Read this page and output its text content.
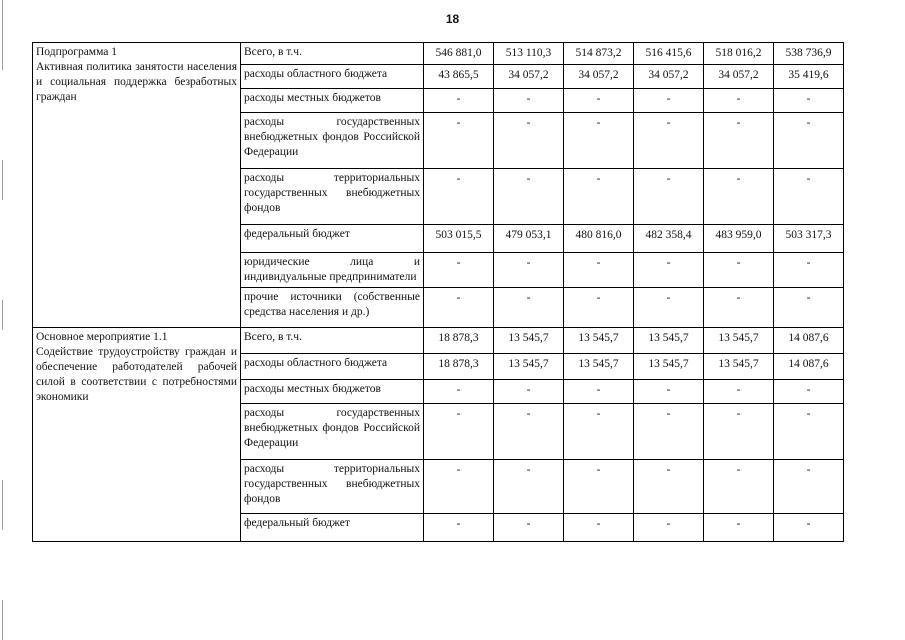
18
Подпрограмма 1
Активная политика занятости населения и социальная поддержка безработных граждан	Всего, в т.ч.	546 881,0	513 110,3	514 873,2	516 415,6	518 016,2	538 736,9
	расходы областного бюджета	43 865,5	34 057,2	34 057,2	34 057,2	34 057,2	35 419,6
	расходы местных бюджетов	-	-	-	-	-	-
	расходы государственных внебюджетных фондов Российской Федерации	-	-	-	-	-	-
	расходы территориальных государственных внебюджетных фондов	-	-	-	-	-	-
	федеральный бюджет	503 015,5	479 053,1	480 816,0	482 358,4	483 959,0	503 317,3
	юридические лица и индивидуальные предприниматели	-	-	-	-	-	-
	прочие источники (собственные средства населения и др.)	-	-	-	-	-	-

Основное мероприятие 1.1
Содействие трудоустройству граждан и обеспечение работодателей рабочей силой в соответствии с потребностями экономики	Всего, в т.ч.	18 878,3	13 545,7	13 545,7	13 545,7	13 545,7	14 087,6
	расходы областного бюджета	18 878,3	13 545,7	13 545,7	13 545,7	13 545,7	14 087,6
	расходы местных бюджетов	-	-	-	-	-	-
	расходы государственных внебюджетных фондов Российской Федерации	-	-	-	-	-	-
	расходы территориальных государственных внебюджетных фондов	-	-	-	-	-	-
	федеральный бюджет	-	-	-	-	-	-
